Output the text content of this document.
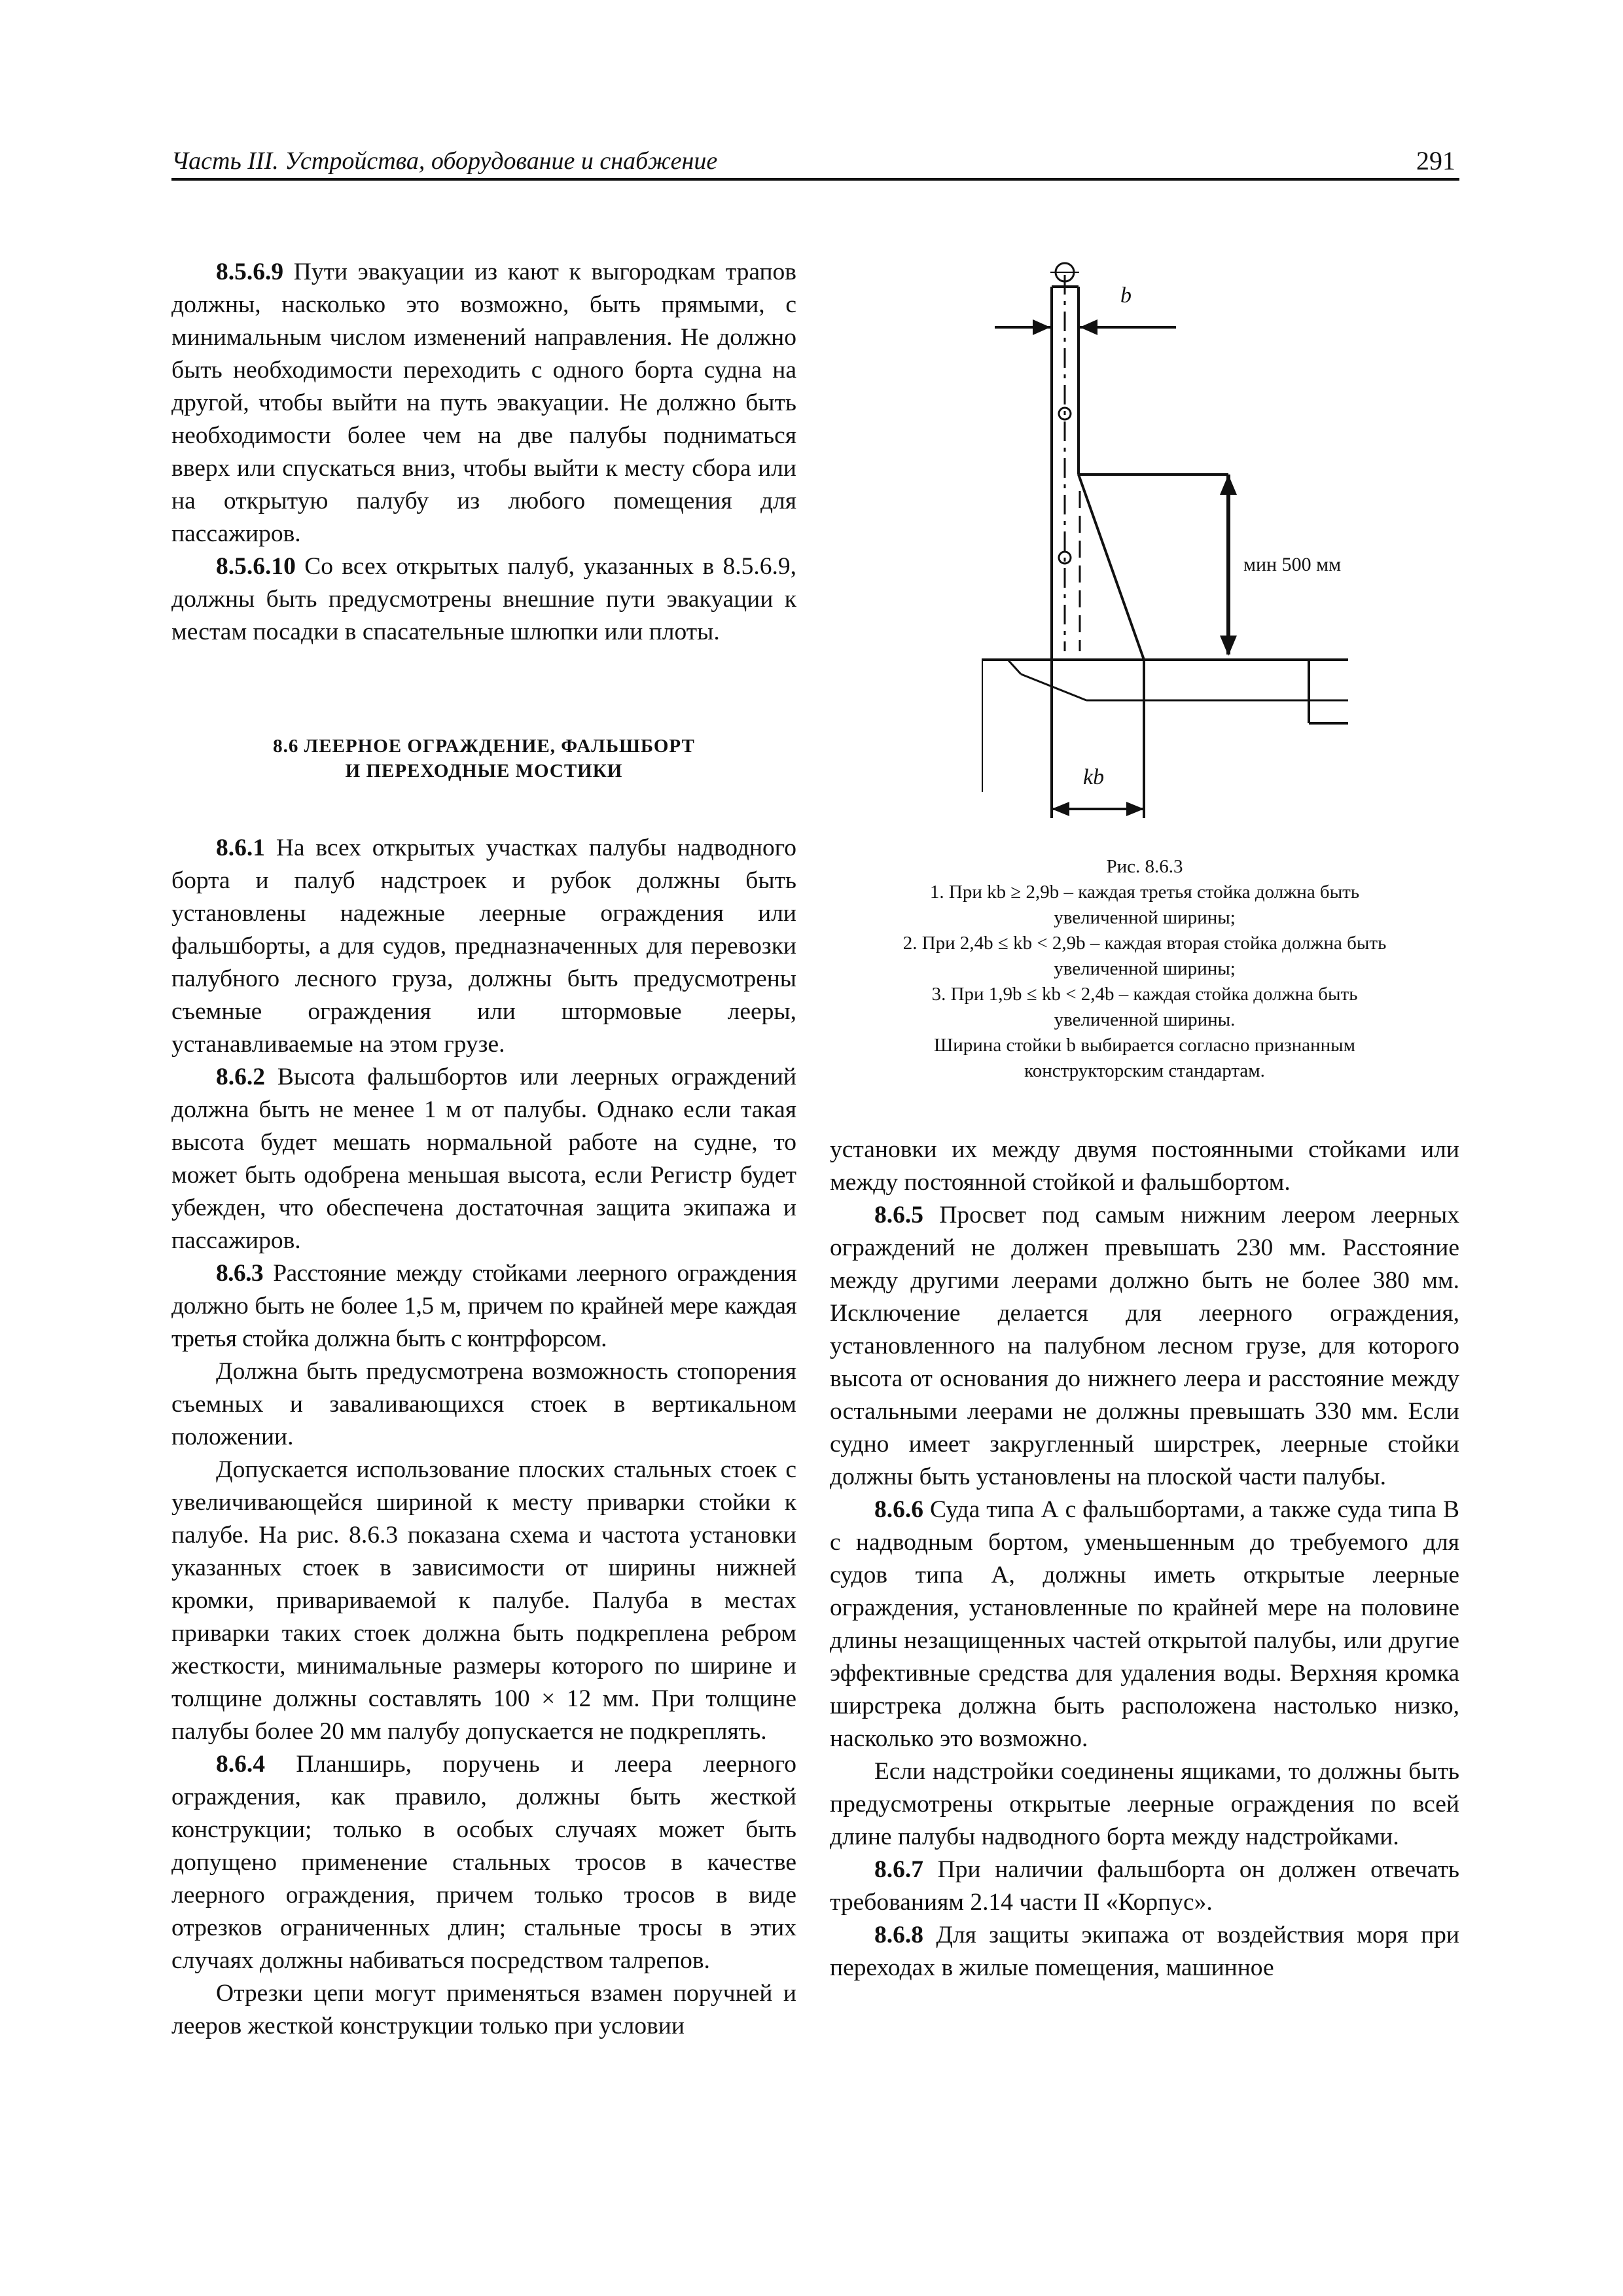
Часть III. Устройства, оборудование и снабжение	291

8.5.6.9 Пути эвакуации из кают к выгородкам трапов должны, насколько это возможно, быть прямыми, с минимальным числом изменений направления. Не должно быть необходимости переходить с одного борта судна на другой, чтобы выйти на путь эвакуации. Не должно быть необходимости более чем на две палубы подниматься вверх или спускаться вниз, чтобы выйти к месту сбора или на открытую палубу из любого помещения для пассажиров.

8.5.6.10 Со всех открытых палуб, указанных в 8.5.6.9, должны быть предусмотрены внешние пути эвакуации к местам посадки в спасательные шлюпки или плоты.

8.6 ЛЕЕРНОЕ ОГРАЖДЕНИЕ, ФАЛЬШБОРТ
И ПЕРЕХОДНЫЕ МОСТИКИ

8.6.1 На всех открытых участках палубы надводного борта и палуб надстроек и рубок должны быть установлены надежные леерные ограждения или фальшборты, а для судов, предназначенных для перевозки палубного лесного груза, должны быть предусмотрены съемные ограждения или штормовые лееры, устанавливаемые на этом грузе.

8.6.2 Высота фальшбортов или леерных ограждений должна быть не менее 1 м от палубы. Однако если такая высота будет мешать нормальной работе на судне, то может быть одобрена меньшая высота, если Регистр будет убежден, что обеспечена достаточная защита экипажа и пассажиров.

8.6.3 Расстояние между стойками леерного ограждения должно быть не более 1,5 м, причем по крайней мере каждая третья стойка должна быть с контрфорсом.

Должна быть предусмотрена возможность стопорения съемных и заваливающихся стоек в вертикальном положении.

Допускается использование плоских стальных стоек с увеличивающейся шириной к месту приварки стойки к палубе. На рис. 8.6.3 показана схема и частота установки указанных стоек в зависимости от ширины нижней кромки, привариваемой к палубе. Палуба в местах приварки таких стоек должна быть подкреплена ребром жесткости, минимальные размеры которого по ширине и толщине должны составлять 100 × 12 мм. При толщине палубы более 20 мм палубу допускается не подкреплять.

8.6.4 Планширь, поручень и леера леерного ограждения, как правило, должны быть жесткой конструкции; только в особых случаях может быть допущено применение стальных тросов в качестве леерного ограждения, причем только тросов в виде отрезков ограниченных длин; стальные тросы в этих случаях должны набиваться посредством талрепов.

Отрезки цепи могут применяться взамен поручней и лееров жесткой конструкции только при условии

b
мин 500 мм
kb
Рис. 8.6.3
1. При kb ≥ 2,9b – каждая третья стойка должна быть
увеличенной ширины;
2. При 2,4b ≤ kb < 2,9b – каждая вторая стойка должна быть
увеличенной ширины;
3. При 1,9b ≤ kb < 2,4b – каждая стойка должна быть
увеличенной ширины.
Ширина стойки b выбирается согласно признанным
конструкторским стандартам.

установки их между двумя постоянными стойками или между постоянной стойкой и фальшбортом.

8.6.5 Просвет под самым нижним леером леерных ограждений не должен превышать 230 мм. Расстояние между другими леерами должно быть не более 380 мм. Исключение делается для леерного ограждения, установленного на палубном лесном грузе, для которого высота от основания до нижнего леера и расстояние между остальными леерами не должны превышать 330 мм. Если судно имеет закругленный ширстрек, леерные стойки должны быть установлены на плоской части палубы.

8.6.6 Суда типа А с фальшбортами, а также суда типа В с надводным бортом, уменьшенным до требуемого для судов типа А, должны иметь открытые леерные ограждения, установленные по крайней мере на половине длины незащищенных частей открытой палубы, или другие эффективные средства для удаления воды. Верхняя кромка ширстрека должна быть расположена настолько низко, насколько это возможно.

Если надстройки соединены ящиками, то должны быть предусмотрены открытые леерные ограждения по всей длине палубы надводного борта между надстройками.

8.6.7 При наличии фальшборта он должен отвечать требованиям 2.14 части II «Корпус».

8.6.8 Для защиты экипажа от воздействия моря при переходах в жилые помещения, машинное
